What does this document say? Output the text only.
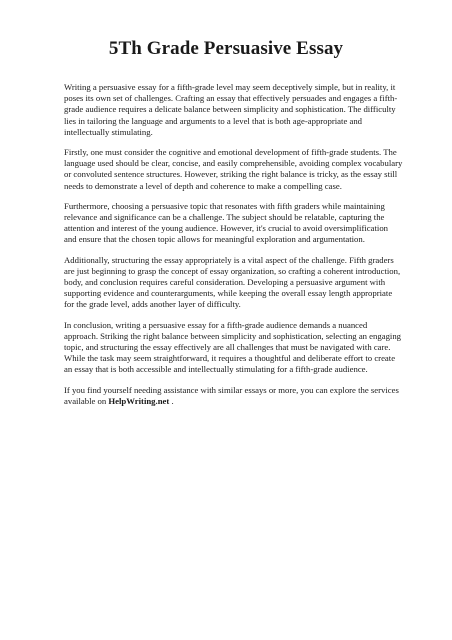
5Th Grade Persuasive Essay

Writing a persuasive essay for a fifth-grade level may seem deceptively simple, but in reality, it
poses its own set of challenges. Crafting an essay that effectively persuades and engages a fifth-
grade audience requires a delicate balance between simplicity and sophistication. The difficulty
lies in tailoring the language and arguments to a level that is both age-appropriate and
intellectually stimulating.

Firstly, one must consider the cognitive and emotional development of fifth-grade students. The
language used should be clear, concise, and easily comprehensible, avoiding complex vocabulary
or convoluted sentence structures. However, striking the right balance is tricky, as the essay still
needs to demonstrate a level of depth and coherence to make a compelling case.

Furthermore, choosing a persuasive topic that resonates with fifth graders while maintaining
relevance and significance can be a challenge. The subject should be relatable, capturing the
attention and interest of the young audience. However, it's crucial to avoid oversimplification
and ensure that the chosen topic allows for meaningful exploration and argumentation.

Additionally, structuring the essay appropriately is a vital aspect of the challenge. Fifth graders
are just beginning to grasp the concept of essay organization, so crafting a coherent introduction,
body, and conclusion requires careful consideration. Developing a persuasive argument with
supporting evidence and counterarguments, while keeping the overall essay length appropriate
for the grade level, adds another layer of difficulty.

In conclusion, writing a persuasive essay for a fifth-grade audience demands a nuanced
approach. Striking the right balance between simplicity and sophistication, selecting an engaging
topic, and structuring the essay effectively are all challenges that must be navigated with care.
While the task may seem straightforward, it requires a thoughtful and deliberate effort to create
an essay that is both accessible and intellectually stimulating for a fifth-grade audience.

If you find yourself needing assistance with similar essays or more, you can explore the services
available on HelpWriting.net .
